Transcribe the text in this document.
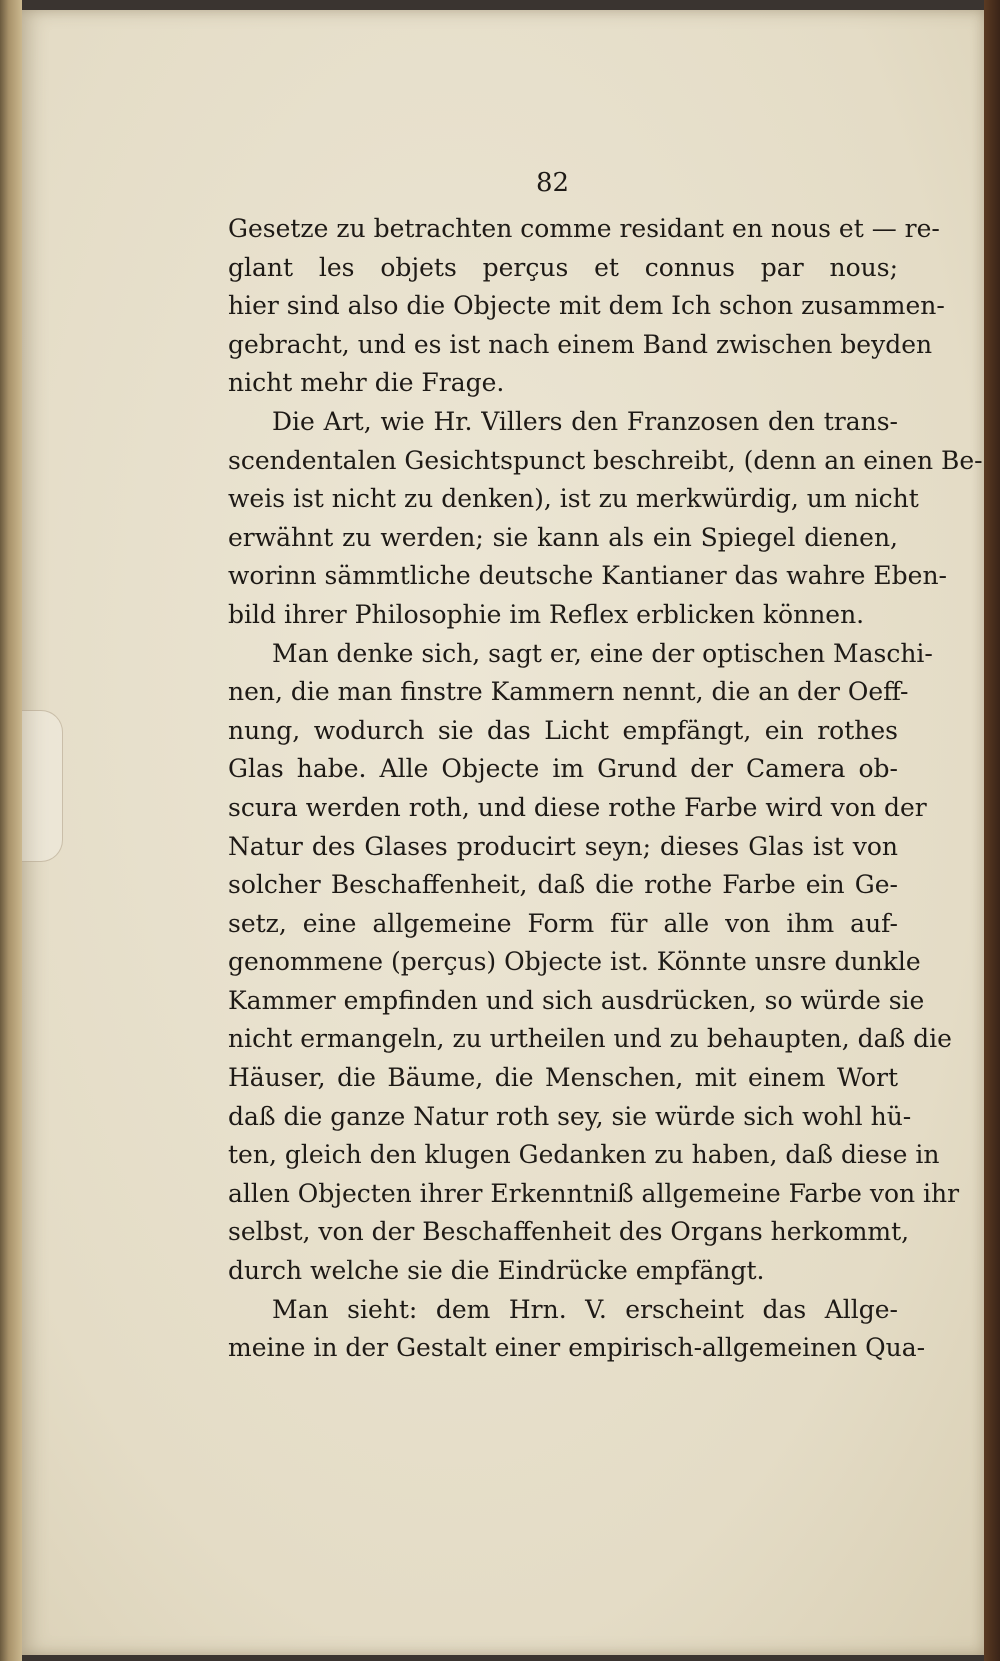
82
Gesetze zu betrachten comme residant en nous et — re-
glant les objets perçus et connus par nous;
hier sind also die Objecte mit dem Ich schon zusammen-
gebracht, und es ist nach einem Band zwischen beyden
nicht mehr die Frage.
Die Art, wie Hr. Villers den Franzosen den trans-
scendentalen Gesichtspunct beschreibt, (denn an einen Be-
weis ist nicht zu denken), ist zu merkwürdig, um nicht
erwähnt zu werden; sie kann als ein Spiegel dienen,
worinn sämmtliche deutsche Kantianer das wahre Eben-
bild ihrer Philosophie im Reflex erblicken können.
Man denke sich, sagt er, eine der optischen Maschi-
nen, die man finstre Kammern nennt, die an der Oeff-
nung, wodurch sie das Licht empfängt, ein rothes
Glas habe. Alle Objecte im Grund der Camera ob-
scura werden roth, und diese rothe Farbe wird von der
Natur des Glases producirt seyn; dieses Glas ist von
solcher Beschaffenheit, daß die rothe Farbe ein Ge-
setz, eine allgemeine Form für alle von ihm auf-
genommene (perçus) Objecte ist. Könnte unsre dunkle
Kammer empfinden und sich ausdrücken, so würde sie
nicht ermangeln, zu urtheilen und zu behaupten, daß die
Häuser, die Bäume, die Menschen, mit einem Wort
daß die ganze Natur roth sey, sie würde sich wohl hü-
ten, gleich den klugen Gedanken zu haben, daß diese in
allen Objecten ihrer Erkenntniß allgemeine Farbe von ihr
selbst, von der Beschaffenheit des Organs herkommt,
durch welche sie die Eindrücke empfängt.
Man sieht: dem Hrn. V. erscheint das Allge-
meine in der Gestalt einer empirisch-allgemeinen Qua-
